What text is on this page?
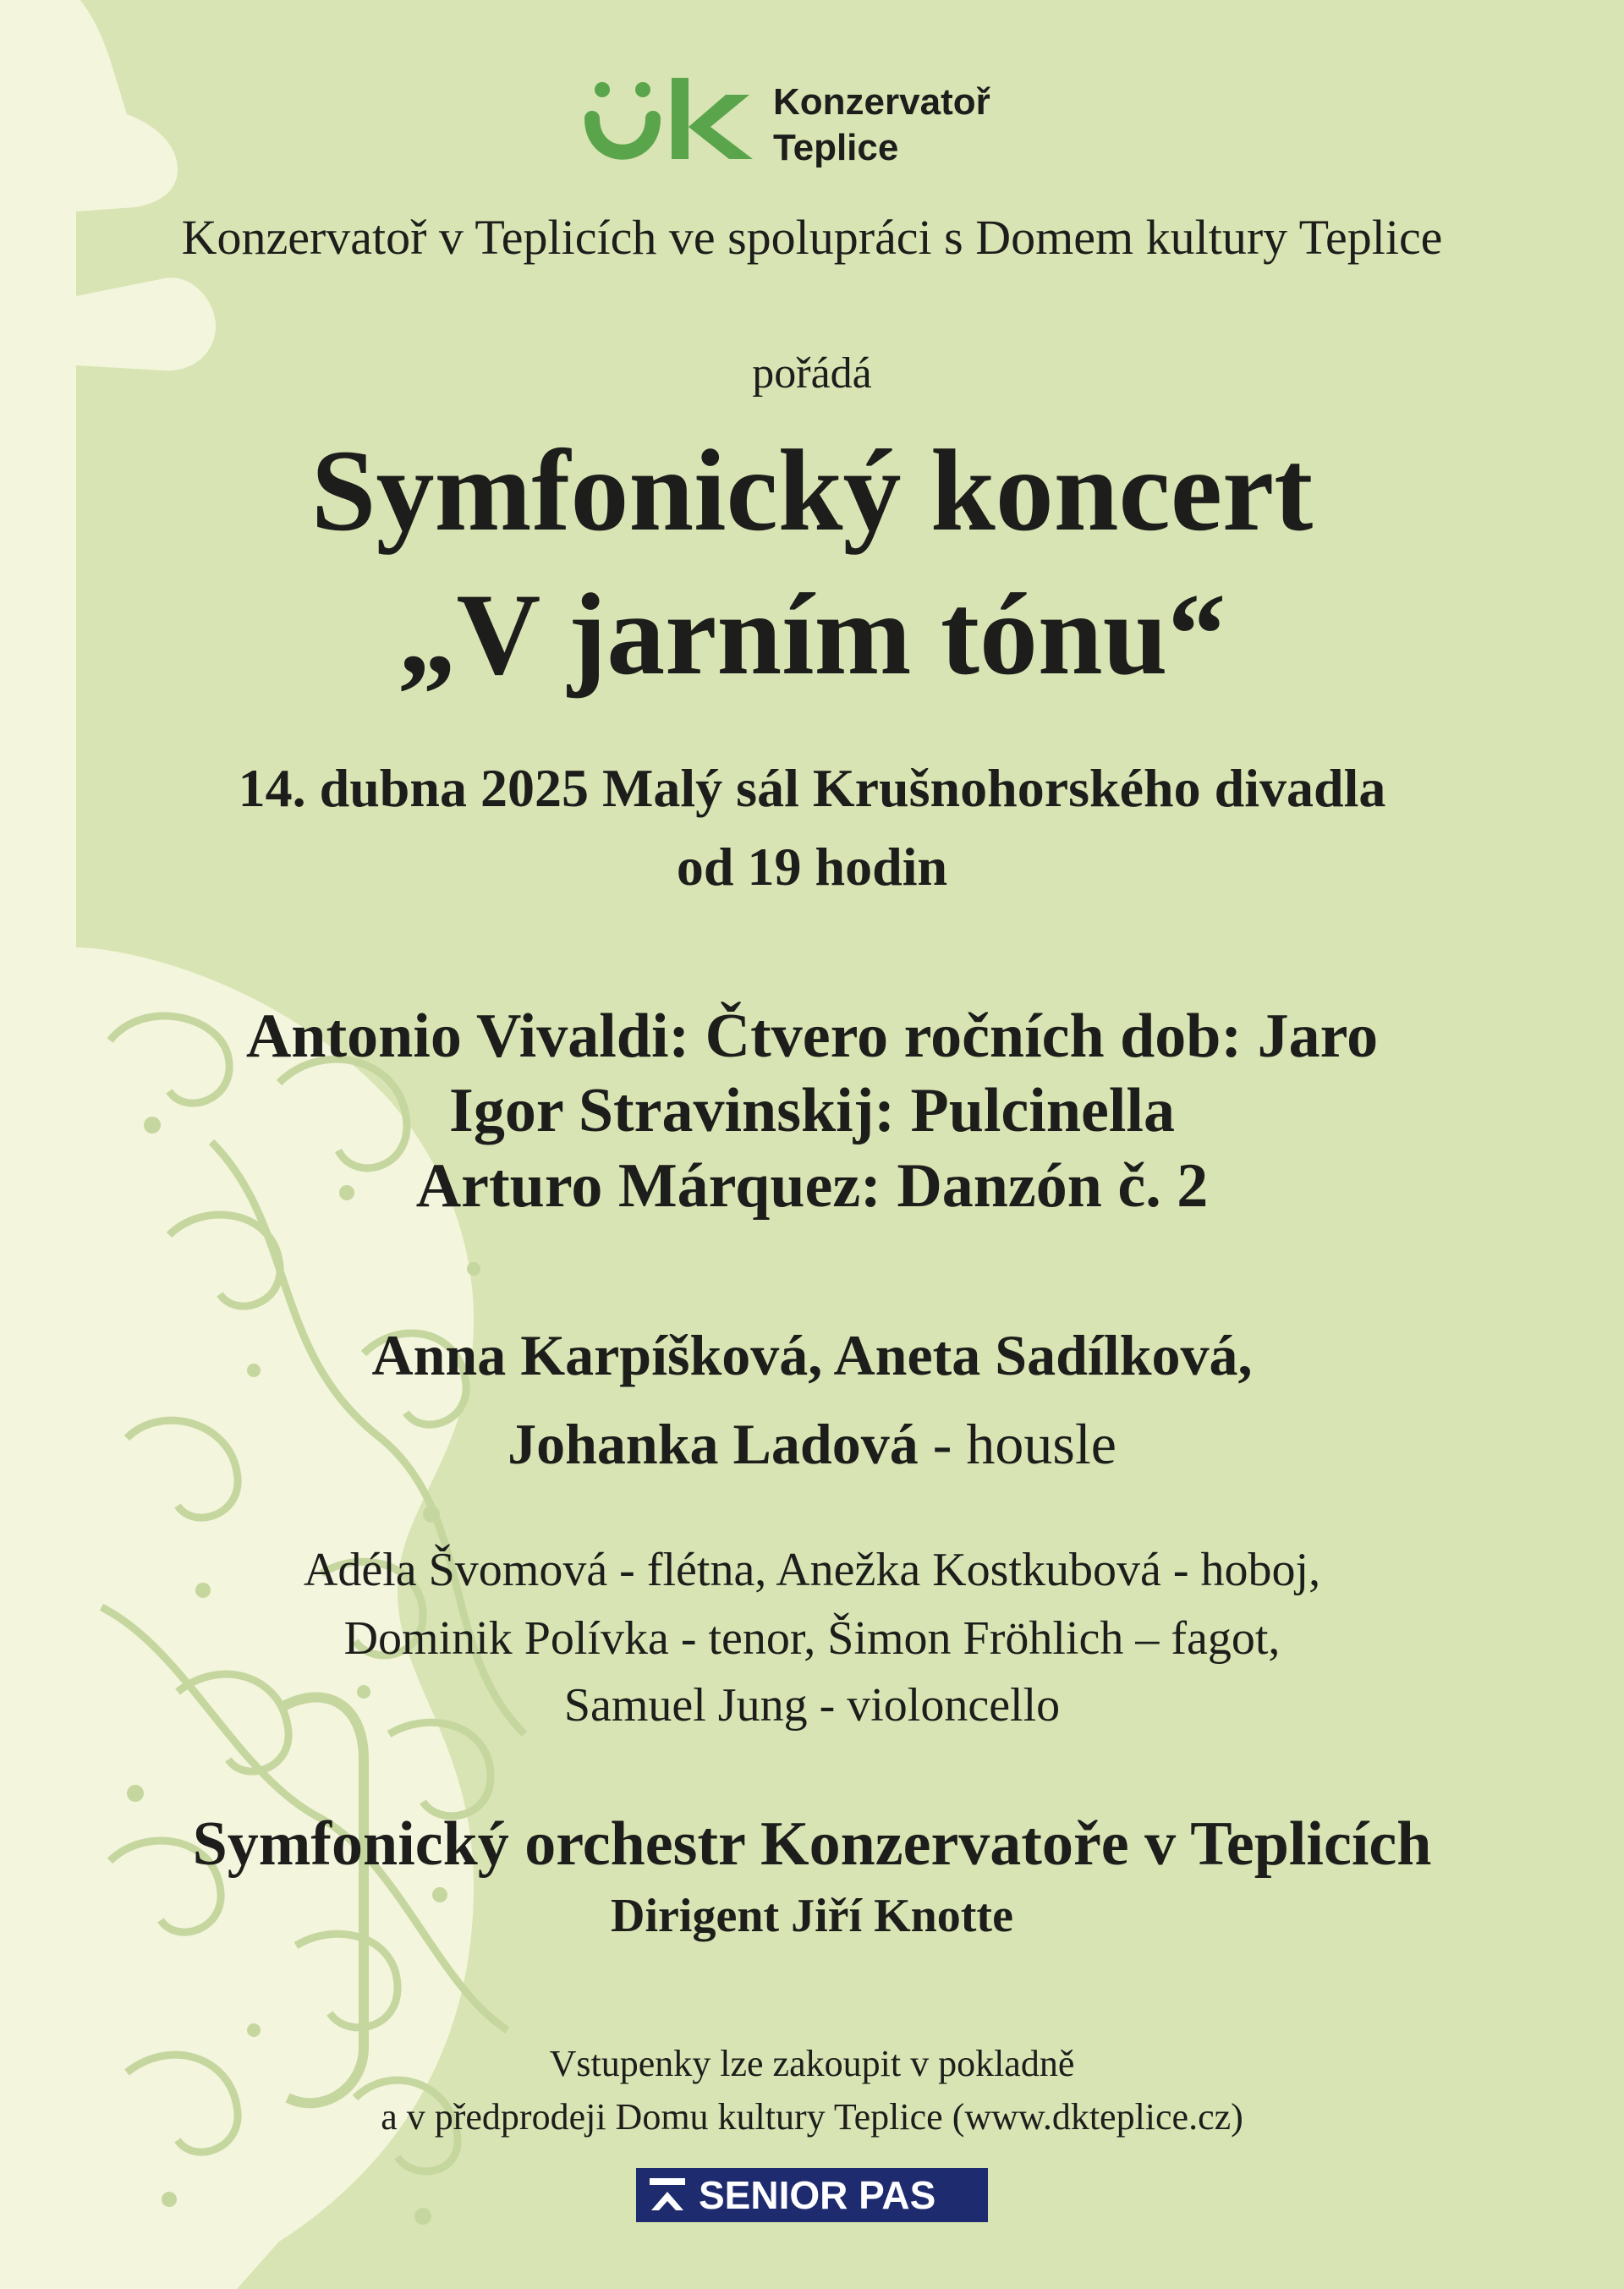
Konzervatoř
Teplice
Konzervatoř v Teplicích ve spolupráci s Domem kultury Teplice
pořádá
Symfonický koncert
„V jarním tónu“
14. dubna 2025 Malý sál Krušnohorského divadla
od 19 hodin
Antonio Vivaldi: Čtvero ročních dob: Jaro
Igor Stravinskij: Pulcinella
Arturo Márquez: Danzón č. 2
Anna Karpíšková, Aneta Sadílková,
Johanka Ladová - housle
Adéla Švomová - flétna, Anežka Kostkubová - hoboj,
Dominik Polívka - tenor, Šimon Fröhlich – fagot,
Samuel Jung - violoncello
Symfonický orchestr Konzervatoře v Teplicích
Dirigent Jiří Knotte
Vstupenky lze zakoupit v pokladně
a v předprodeji Domu kultury Teplice (www.dkteplice.cz)
SENIOR PAS
